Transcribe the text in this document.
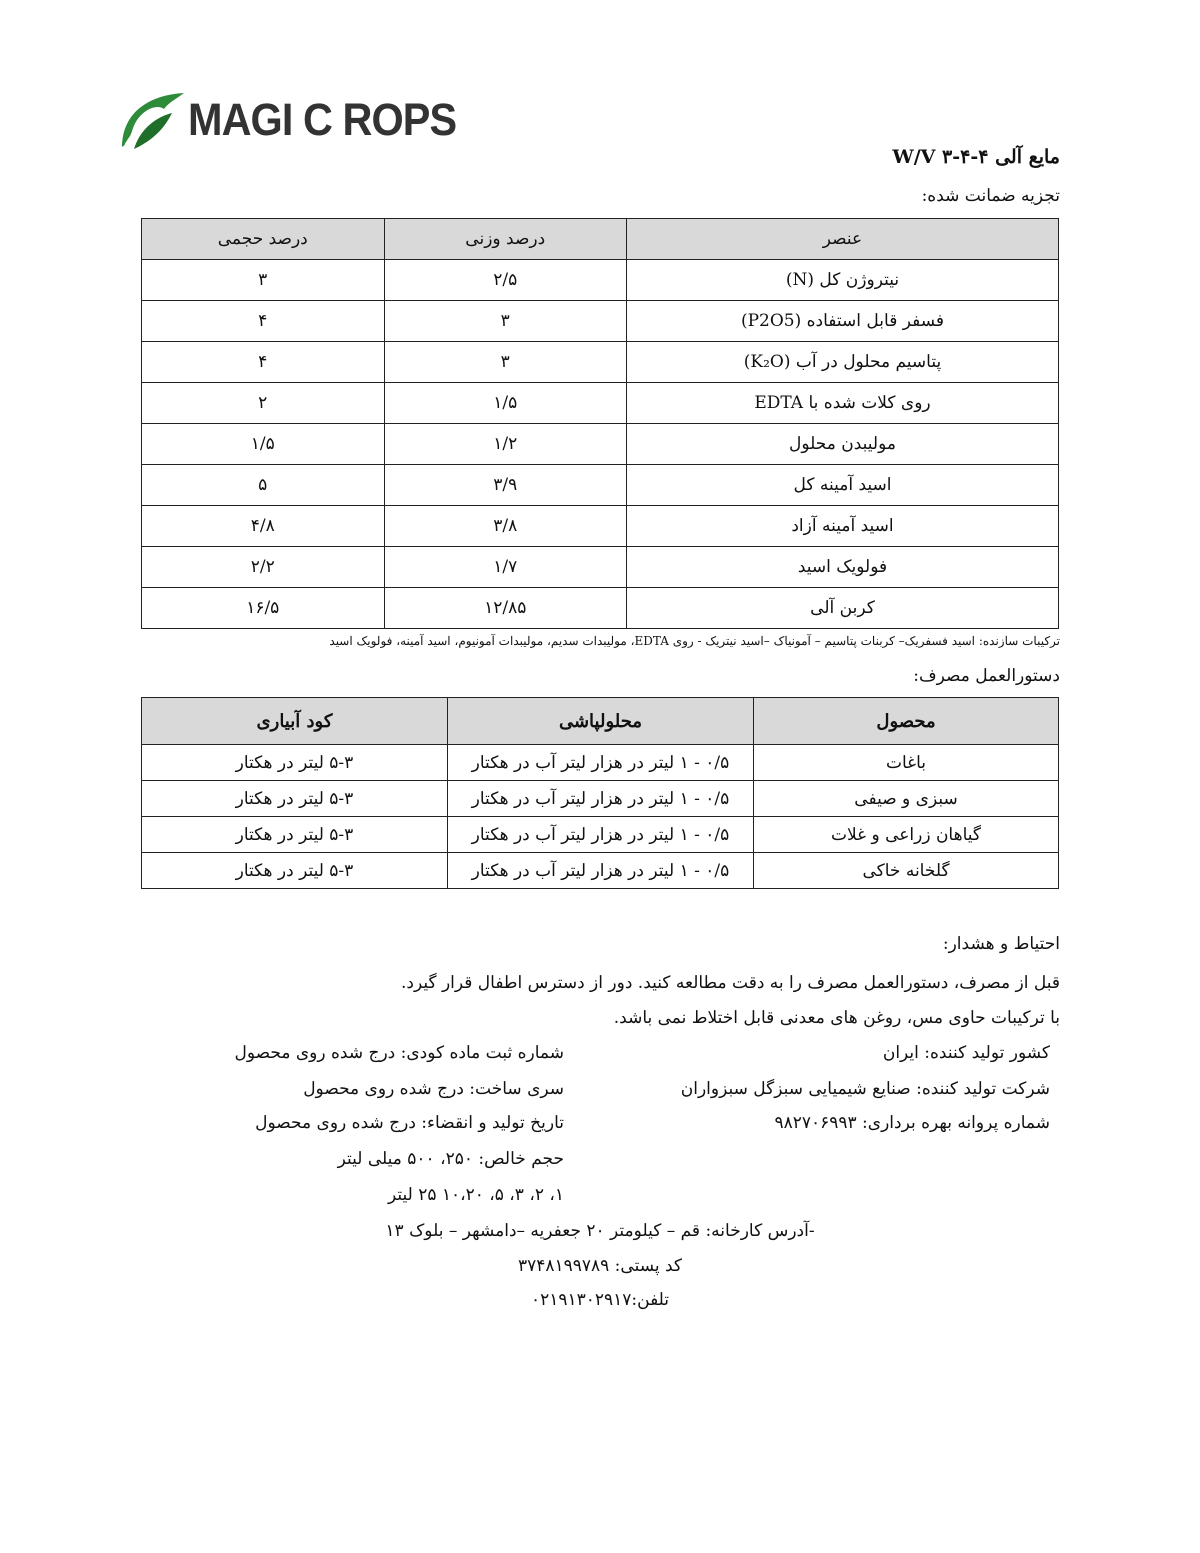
MAGI C ROPS
مایع آلی ۴-۴-۳ W/V
تجزیه ضمانت شده:
عنصر	درصد وزنی	درصد حجمی
نیتروژن کل (N)	۲/۵	۳
فسفر قابل استفاده (P2O5)	۳	۴
پتاسیم محلول در آب (K₂O)	۳	۴
روی کلات شده با EDTA	۱/۵	۲
مولیبدن محلول	۱/۲	۱/۵
اسید آمینه کل	۳/۹	۵
اسید آمینه آزاد	۳/۸	۴/۸
فولویک اسید	۱/۷	۲/۲
کربن آلی	۱۲/۸۵	۱۶/۵
ترکیبات سازنده: اسید فسفریک– کربنات پتاسیم – آمونیاک –اسید نیتریک - روی EDTA، مولیبدات سدیم، مولیبدات آمونیوم، اسید آمینه، فولویک اسید
دستورالعمل مصرف:
محصول	محلولپاشی	کود آبیاری
باغات	۰/۵ - ۱ لیتر در هزار لیتر آب در هکتار	۵-۳ لیتر در هکتار
سبزی و صیفی	۰/۵ - ۱ لیتر در هزار لیتر آب در هکتار	۵-۳ لیتر در هکتار
گیاهان زراعی و غلات	۰/۵ - ۱ لیتر در هزار لیتر آب در هکتار	۵-۳ لیتر در هکتار
گلخانه خاکی	۰/۵ - ۱ لیتر در هزار لیتر آب در هکتار	۵-۳ لیتر در هکتار
احتیاط و هشدار:
قبل از مصرف، دستورالعمل مصرف را به دقت مطالعه کنید. دور از دسترس اطفال قرار گیرد.
با ترکیبات حاوی مس، روغن های معدنی قابل اختلاط نمی باشد.
کشور تولید کننده: ایران
شرکت تولید کننده: صنایع شیمیایی سبزگل سبزواران
شماره پروانه بهره برداری: ۹۸۲۷۰۶۹۹۳
شماره ثبت ماده کودی: درج شده روی محصول
سری ساخت: درج شده روی محصول
تاریخ تولید و انقضاء: درج شده روی محصول
حجم خالص: ۲۵۰، ۵۰۰ میلی لیتر
۱، ۲، ۳، ۵، ۱۰،۲۰ ۲۵ لیتر
-آدرس کارخانه: قم – کیلومتر ۲۰ جعفریه –دامشهر – بلوک ۱۳
کد پستی: ۳۷۴۸۱۹۹۷۸۹
تلفن:۰۲۱۹۱۳۰۲۹۱۷
